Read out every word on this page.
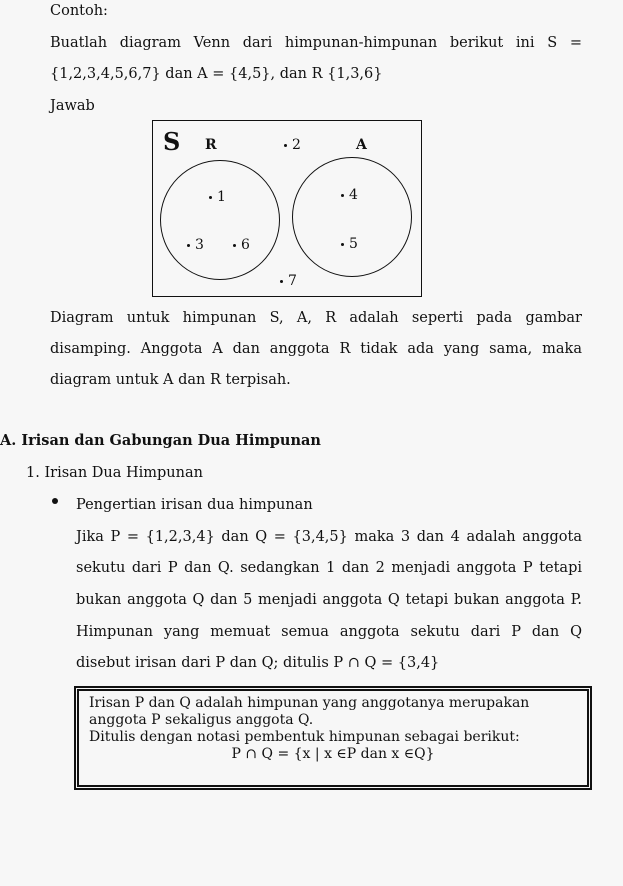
Contoh:
Buatlah diagram Venn dari himpunan-himpunan berikut ini S =
{1,2,3,4,5,6,7} dan A = {4,5}, dan R {1,3,6}
Jawab
S R	A
2
1
3	6
4
5
7
Diagram untuk himpunan S, A, R adalah seperti pada gambar
disamping. Anggota A dan anggota R tidak ada yang sama, maka
diagram untuk A dan R terpisah.
A. Irisan dan Gabungan Dua Himpunan
1. Irisan Dua Himpunan
Pengertian irisan dua himpunan
Jika P = {1,2,3,4} dan Q = {3,4,5} maka 3 dan 4 adalah anggota
sekutu dari P dan Q. sedangkan 1 dan 2 menjadi anggota P tetapi
bukan anggota Q dan 5 menjadi anggota Q tetapi bukan anggota P.
Himpunan yang memuat semua anggota sekutu dari P dan Q
disebut irisan dari P dan Q; ditulis P ∩ Q = {3,4}
Irisan P dan Q adalah himpunan yang anggotanya merupakan
anggota P sekaligus anggota Q.
Ditulis dengan notasi pembentuk himpunan sebagai berikut:
P ∩ Q = {x | x ∈P dan x ∈Q}
